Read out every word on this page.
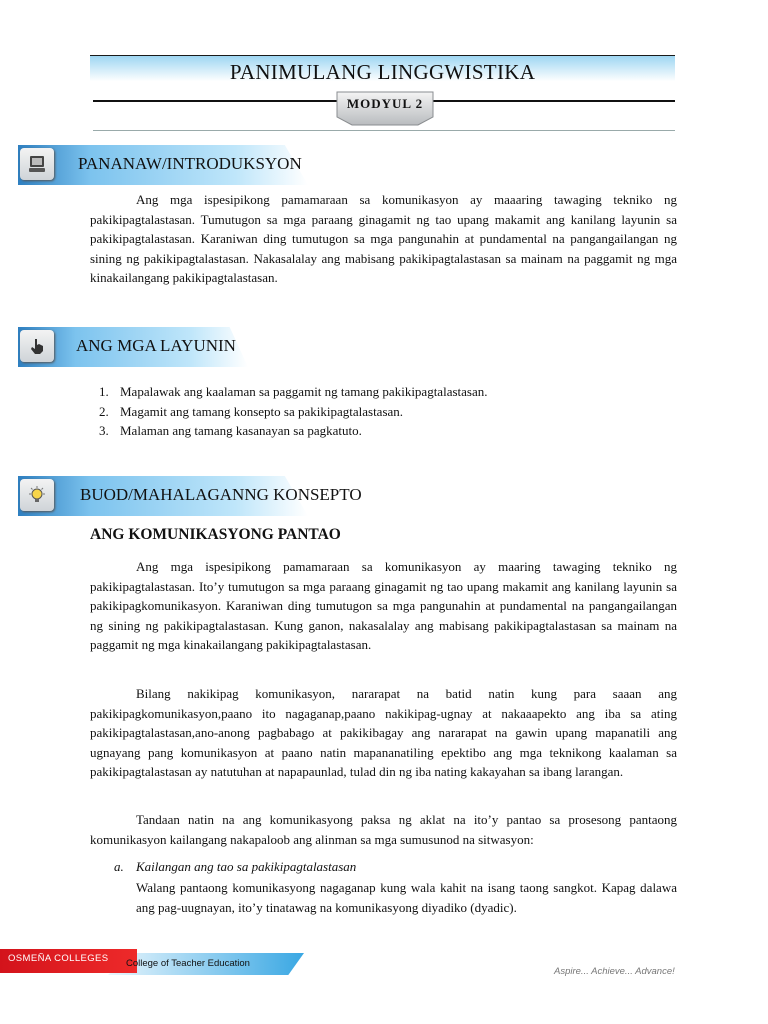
PANIMULANG LINGGWISTIKA
MODYUL 2
PANANAW/INTRODUKSYON

Ang mga ispesipikong pamamaraan sa komunikasyon ay maaaring tawaging tekniko ng pakikipagtalastasan. Tumutugon sa mga paraang ginagamit ng tao upang makamit ang kanilang layunin sa pakikipagtalastasan. Karaniwan ding tumutugon sa mga pangunahin at pundamental na pangangailangan ng sining ng pakikipagtalastasan. Nakasalalay ang mabisang pakikipagtalastasan sa mainam na paggamit ng mga kinakailangang pakikipagtalastasan.

ANG MGA LAYUNIN
1. Mapalawak ang kaalaman sa paggamit ng tamang pakikipagtalastasan.
2. Magamit ang tamang konsepto sa pakikipagtalastasan.
3. Malaman ang tamang kasanayan sa pagkatuto.
BUOD/MAHALAGANNG KONSEPTO
ANG KOMUNIKASYONG PANTAO

Ang mga ispesipikong pamamaraan sa komunikasyon ay maaring tawaging tekniko ng pakikipagtalastasan. Ito’y tumutugon sa mga paraang ginagamit ng tao upang makamit ang kanilang layunin sa pakikipagkomunikasyon. Karaniwan ding tumutugon sa mga pangunahin at pundamental na pangangailangan ng sining ng pakikipagtalastasan. Kung ganon, nakasalalay ang mabisang pakikipagtalastasan sa mainam na paggamit ng mga kinakailangang pakikipagtalastasan.

Bilang nakikipag komunikasyon, nararapat na batid natin kung para saaan ang pakikipagkomunikasyon,paano ito nagaganap,paano nakikipag-ugnay at nakaaapekto ang iba sa ating pakikipagtalastasan,ano-anong pagbabago at pakikibagay ang nararapat na gawin upang mapanatili ang ugnayang pang komunikasyon at paano natin mapananatiling epektibo ang mga teknikong kaalaman sa pakikipagtalastasan ay natutuhan at napapaunlad, tulad din ng iba nating kakayahan sa ibang larangan.

Tandaan natin na ang komunikasyong paksa ng aklat na ito’y pantao sa prosesong pantaong komunikasyon kailangang nakapaloob ang alinman sa mga sumusunod na sitwasyon:

a. Kailangan ang tao sa pakikipagtalastasan

Walang pantaong komunikasyong nagaganap kung wala kahit na isang taong sangkot. Kapag dalawa ang pag-uugnayan, ito’y tinatawag na komunikasyong diyadiko (dyadic).

OSMEÑA COLLEGES College of Teacher Education
Aspire... Achieve... Advance!
